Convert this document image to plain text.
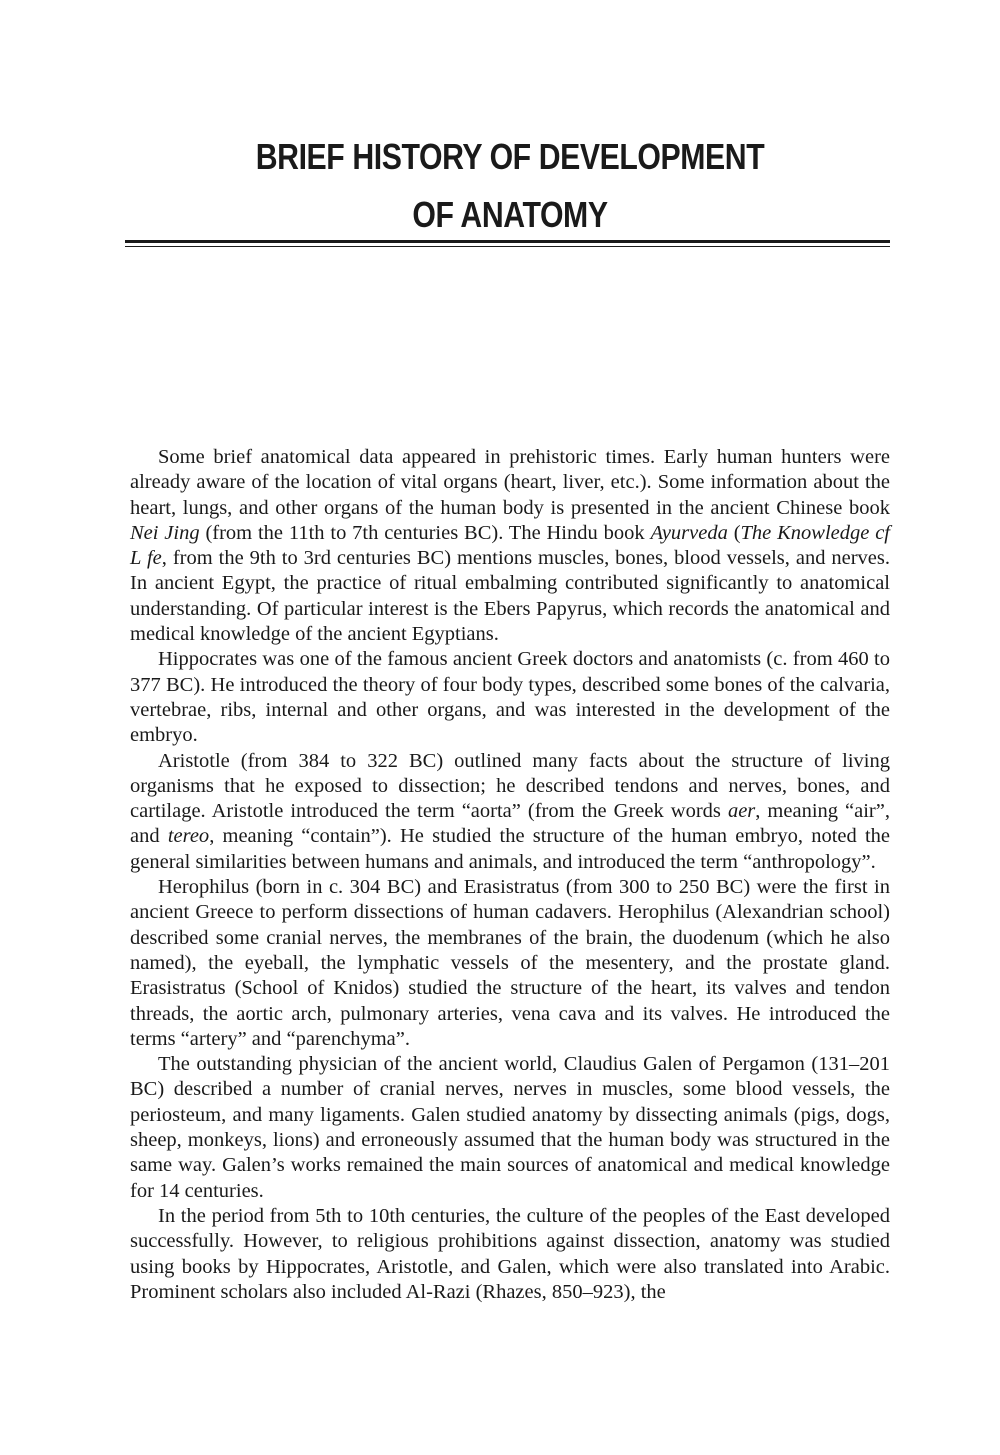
BRIEF HISTORY OF DEVELOPMENT
OF ANATOMY

Some brief anatomical data appeared in prehistoric times. Early human hunters were already aware of the location of vital organs (heart, liver, etc.). Some information about the heart, lungs, and other organs of the human body is presented in the ancient Chinese book Nei Jing (from the 11th to 7th centuries BC). The Hindu book Ayurveda (The Knowledge cf L fe, from the 9th to 3rd centuries BC) mentions muscles, bones, blood vessels, and nerves. In ancient Egypt, the practice of ritual embalming contributed significantly to anatomical understanding. Of particular interest is the Ebers Papyrus, which records the anatomical and medical knowledge of the ancient Egyptians.

Hippocrates was one of the famous ancient Greek doctors and anatomists (c. from 460 to 377 BC). He introduced the theory of four body types, described some bones of the calvaria, vertebrae, ribs, internal and other organs, and was interested in the development of the embryo.

Aristotle (from 384 to 322 BC) outlined many facts about the structure of living organisms that he exposed to dissection; he described tendons and nerves, bones, and cartilage. Aristotle introduced the term “aorta” (from the Greek words aer, meaning “air”, and tereo, meaning “contain”). He studied the structure of the human embryo, noted the general similarities between humans and animals, and introduced the term “anthropology”.

Herophilus (born in c. 304 BC) and Erasistratus (from 300 to 250 BC) were the first in ancient Greece to perform dissections of human cadavers. Herophilus (Alexandrian school) described some cranial nerves, the membranes of the brain, the duodenum (which he also named), the eyeball, the lymphatic vessels of the mesentery, and the prostate gland. Erasistratus (School of Knidos) studied the structure of the heart, its valves and tendon threads, the aortic arch, pulmonary arteries, vena cava and its valves. He introduced the terms “artery” and “parenchyma”.

The outstanding physician of the ancient world, Claudius Galen of Pergamon (131–201 BC) described a number of cranial nerves, nerves in muscles, some blood vessels, the periosteum, and many ligaments. Galen studied anatomy by dissecting animals (pigs, dogs, sheep, monkeys, lions) and erroneously assumed that the human body was structured in the same way. Galen’s works remained the main sources of anatomical and medical knowledge for 14 centuries.

In the period from 5th to 10th centuries, the culture of the peoples of the East developed successfully. However, to religious prohibitions against dissection, anatomy was studied using books by Hippocrates, Aristotle, and Galen, which were also translated into Arabic. Prominent scholars also included Al-Razi (Rhazes, 850–923), the
